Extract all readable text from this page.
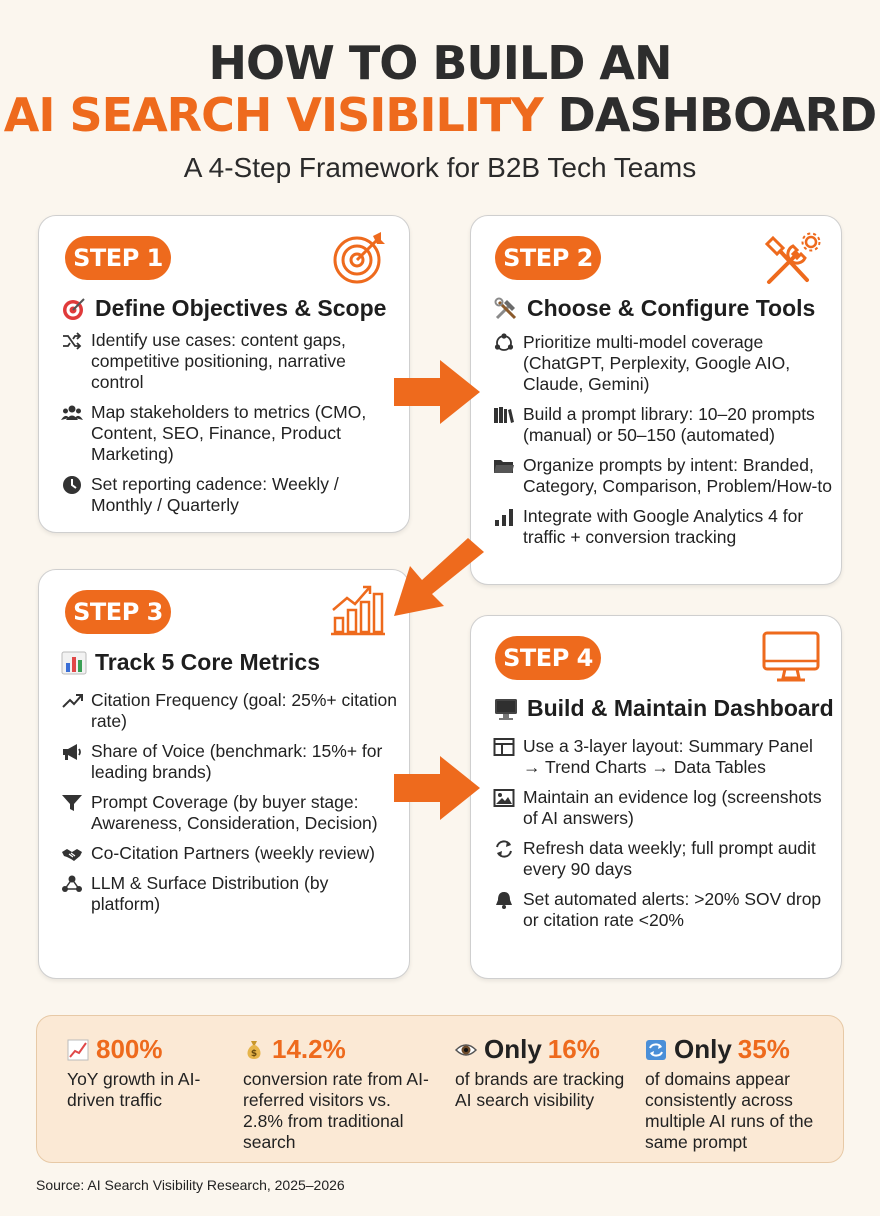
HOW TO BUILD AN
AI SEARCH VISIBILITY DASHBOARD
A 4-Step Framework for B2B Tech Teams
STEP 1
Define Objectives & Scope
Identify use cases: content gaps, competitive positioning, narrative control
Map stakeholders to metrics (CMO, Content, SEO, Finance, Product Marketing)
Set reporting cadence: Weekly / Monthly / Quarterly
STEP 2
Choose & Configure Tools
Prioritize multi-model coverage (ChatGPT, Perplexity, Google AIO, Claude, Gemini)
Build a prompt library: 10–20 prompts (manual) or 50–150 (automated)
Organize prompts by intent: Branded, Category, Comparison, Problem/How-to
Integrate with Google Analytics 4 for traffic + conversion tracking
STEP 3
Track 5 Core Metrics
Citation Frequency (goal: 25%+ citation rate)
Share of Voice (benchmark: 15%+ for leading brands)
Prompt Coverage (by buyer stage: Awareness, Consideration, Decision)
Co-Citation Partners (weekly review)
LLM & Surface Distribution (by platform)
STEP 4
Build & Maintain Dashboard
Use a 3-layer layout: Summary Panel → Trend Charts → Data Tables
Maintain an evidence log (screenshots of AI answers)
Refresh data weekly; full prompt audit every 90 days
Set automated alerts: >20% SOV drop or citation rate <20%
800%
YoY growth in AI-driven traffic
$ 14.2%
conversion rate from AI-referred visitors vs. 2.8% from traditional search
Only 16%
of brands are tracking AI search visibility
Only 35%
of domains appear consistently across multiple AI runs of the same prompt
Source: AI Search Visibility Research, 2025–2026
